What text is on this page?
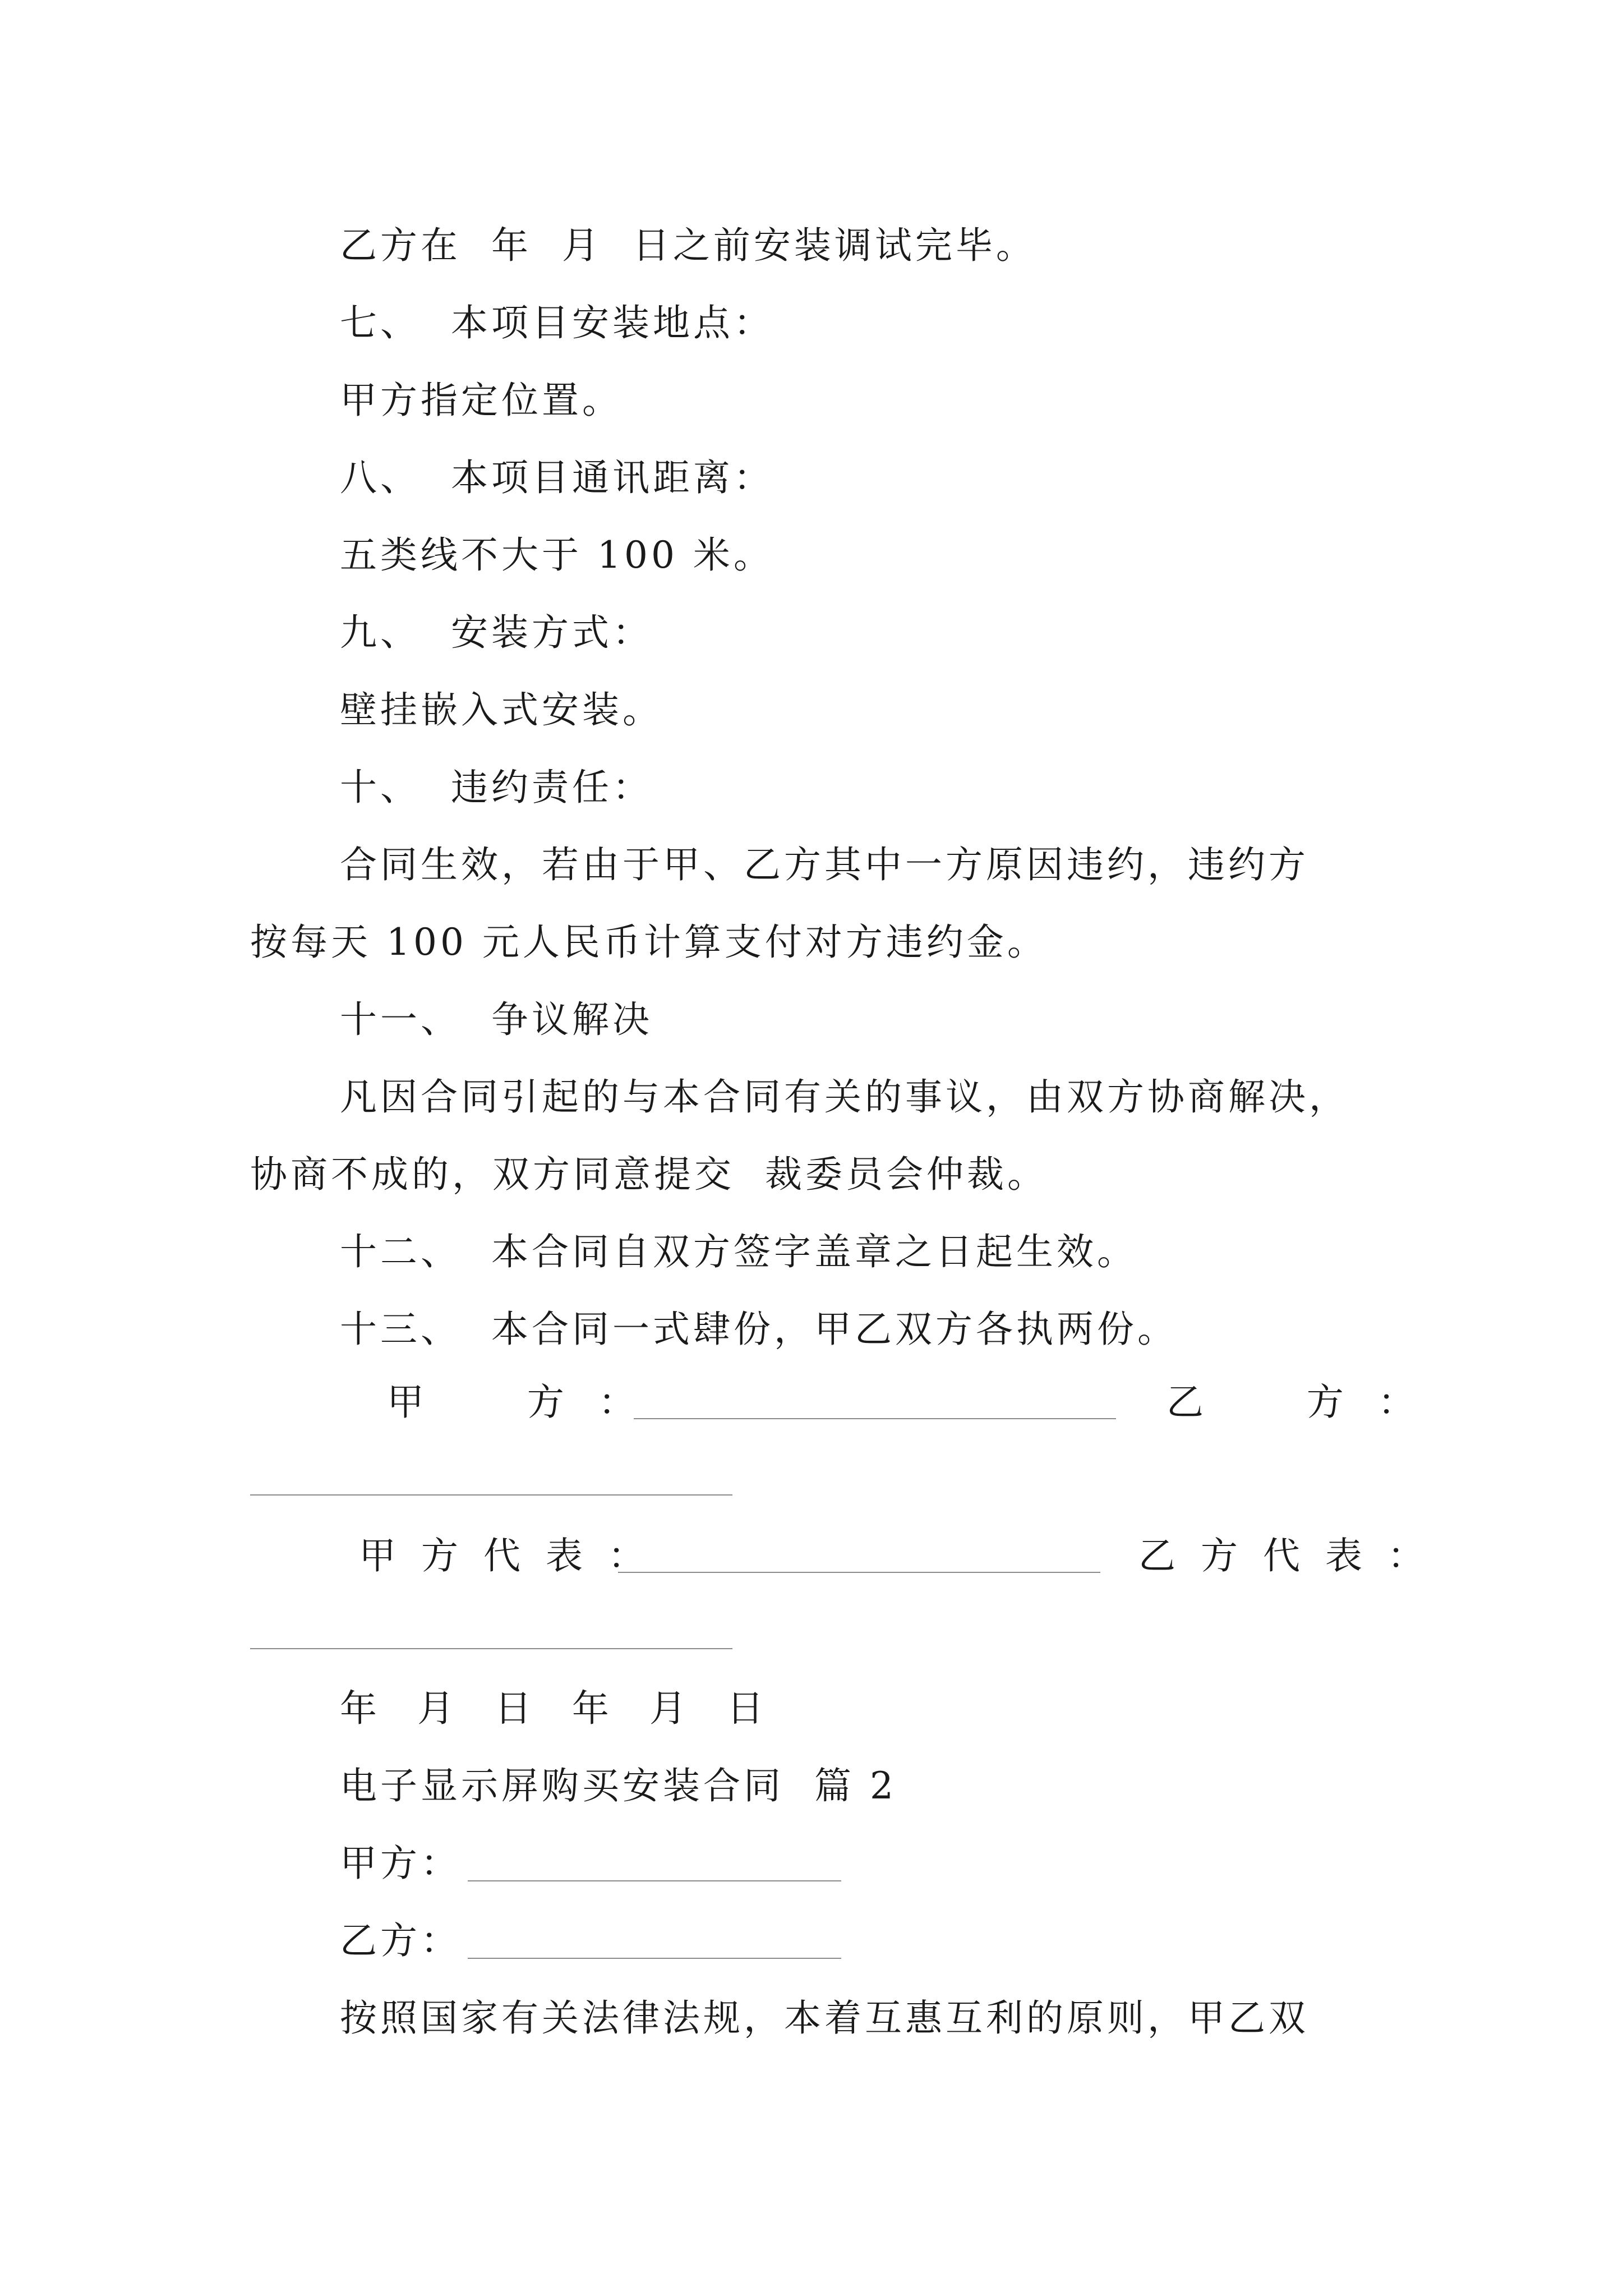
乙方在  年  月  日之前安装调试完毕。
七、  本项目安装地点：
甲方指定位置。
八、  本项目通讯距离：
五类线不大于 100 米。
九、  安装方式：
壁挂嵌入式安装。
十、  违约责任：
合同生效，若由于甲、乙方其中一方原因违约，违约方
按每天 100 元人民币计算支付对方违约金。
十一、  争议解决
凡因合同引起的与本合同有关的事议，由双方协商解决，
协商不成的，双方同意提交  裁委员会仲裁。
十二、  本合同自双方签字盖章之日起生效。
十三、  本合同一式肆份，甲乙双方各执两份。
甲    方 ：	乙    方 ：
甲 方 代 表 ：	乙 方 代 表 ：
年  月  日  年  月  日
电子显示屏购买安装合同  篇 2
甲方：
乙方：
按照国家有关法律法规，本着互惠互利的原则，甲乙双
